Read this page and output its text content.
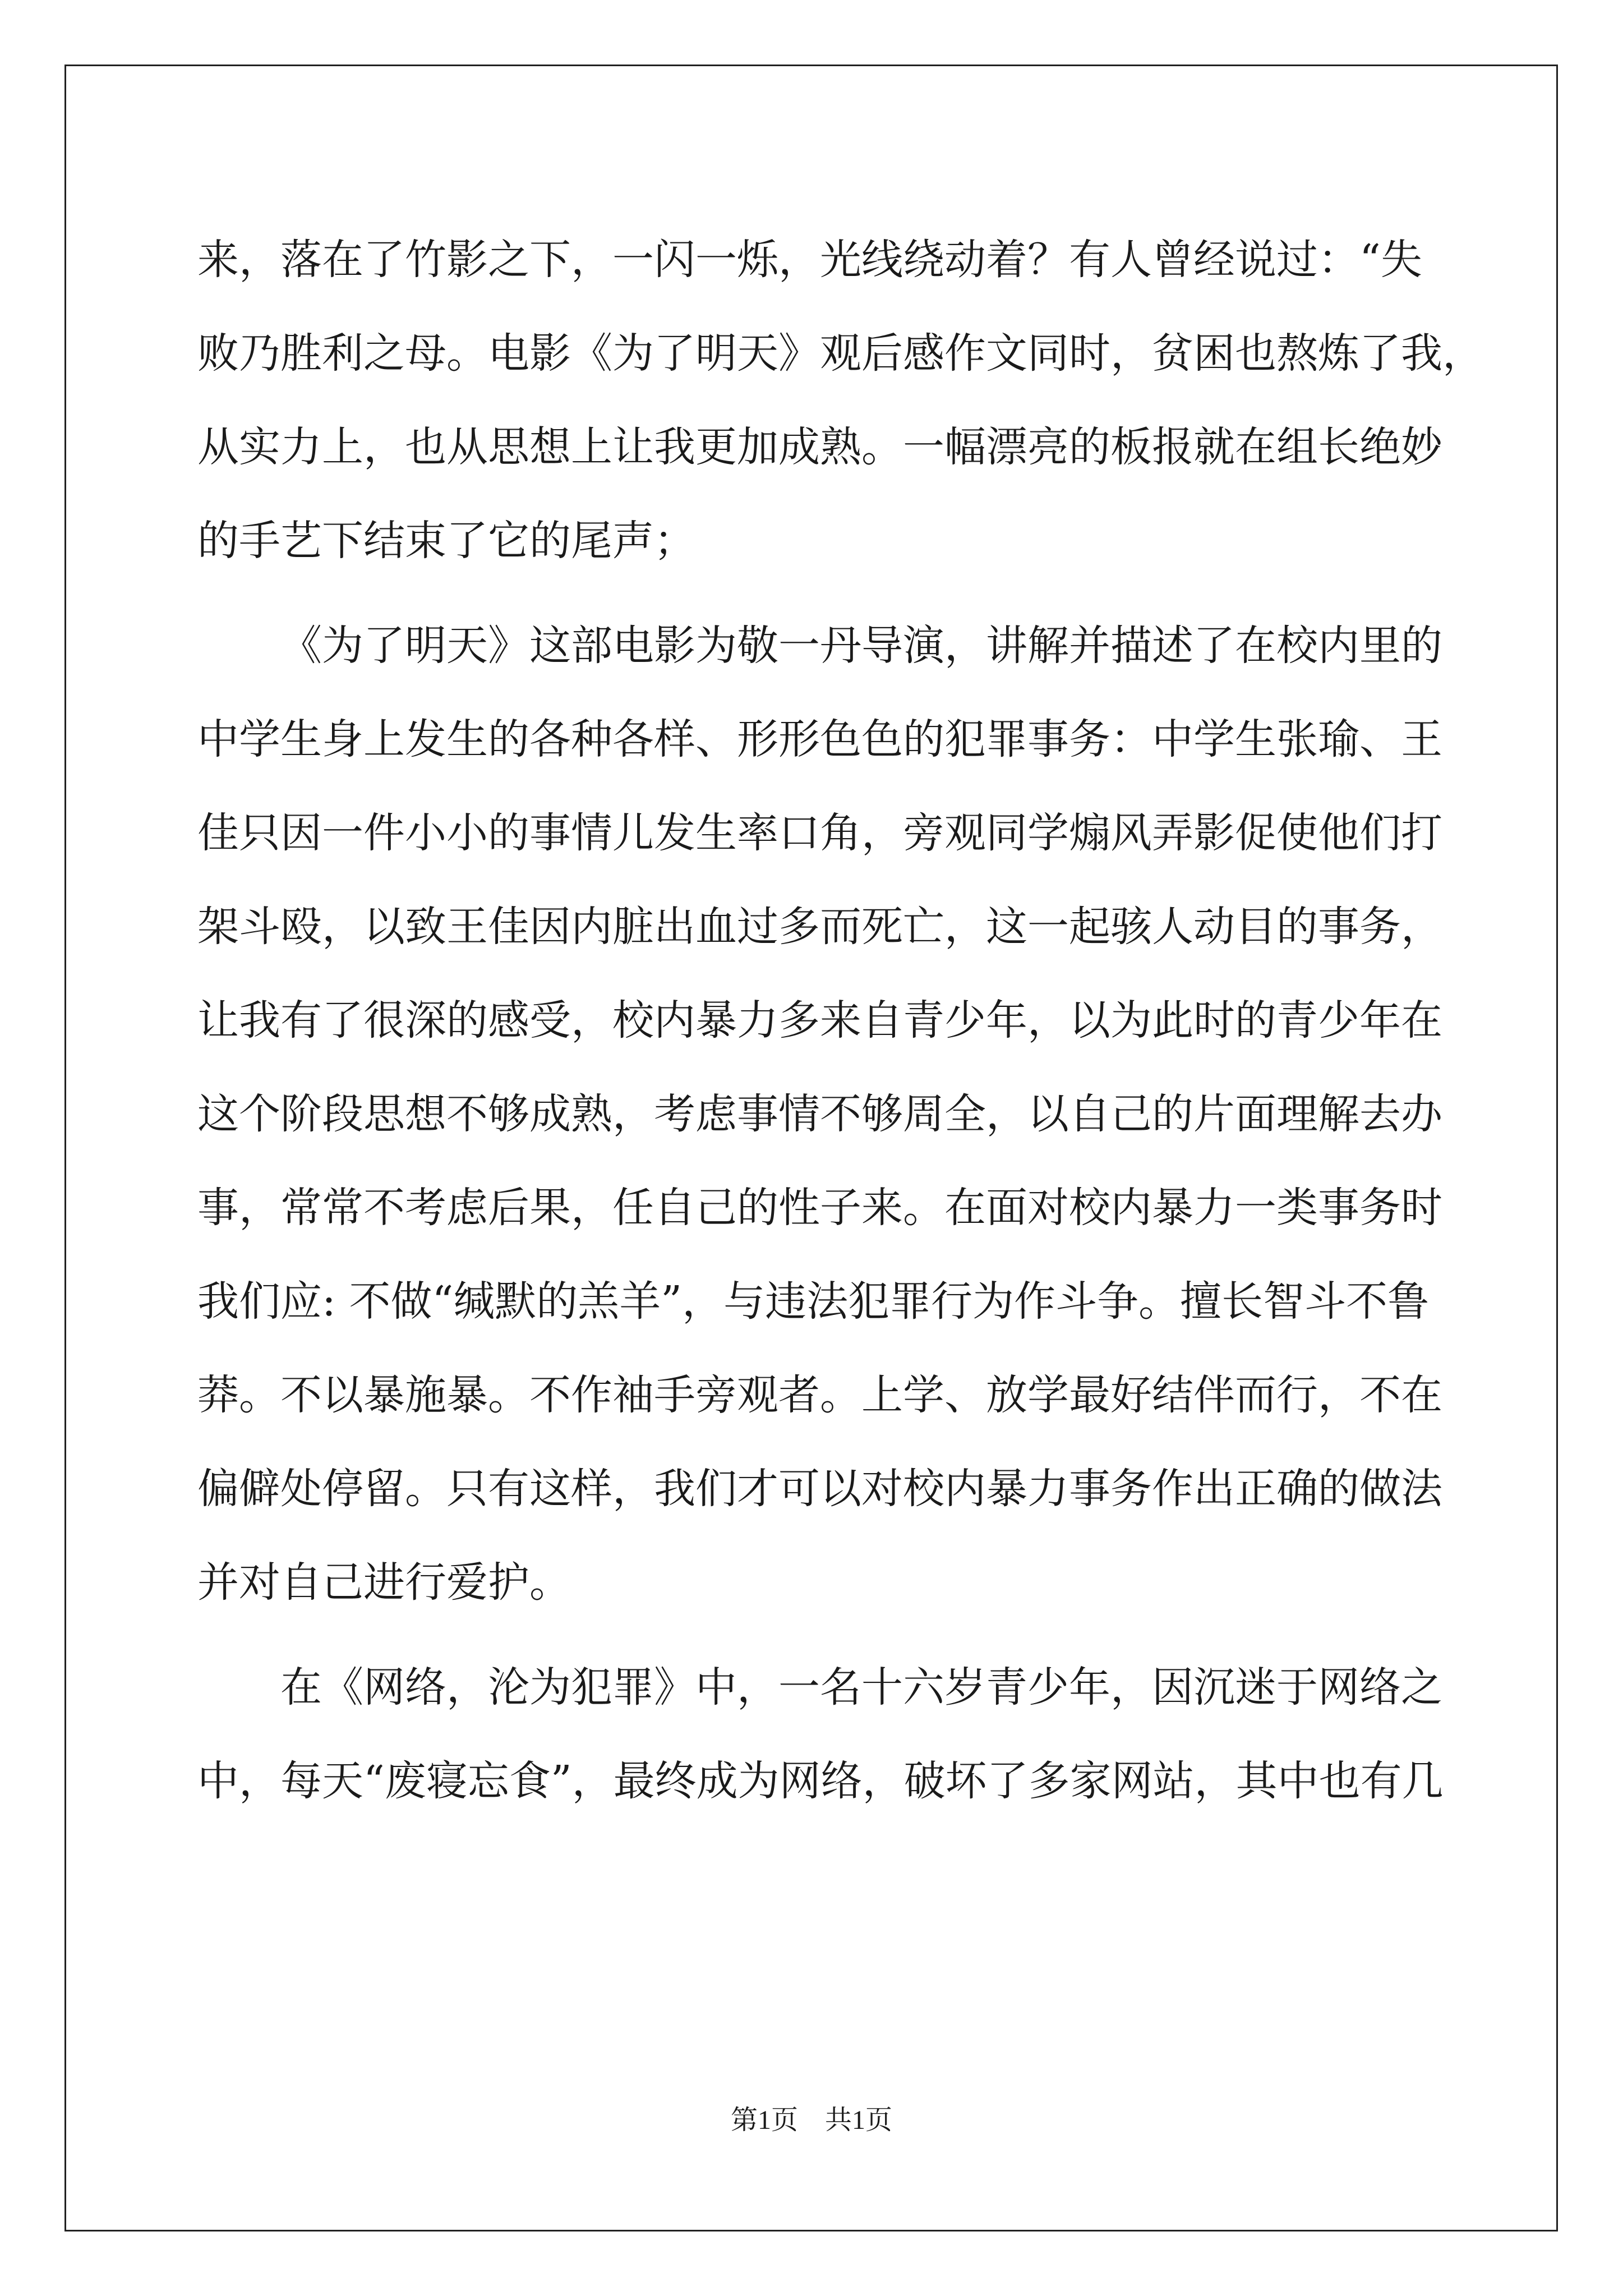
来，落在了竹影之下，一闪一烁，光线绕动着？有人曾经说过：“失
败乃胜利之母。电影《为了明天》观后感作文同时，贫困也熬炼了我，
从实力上，也从思想上让我更加成熟。一幅漂亮的板报就在组长绝妙
的手艺下结束了它的尾声；
《为了明天》这部电影为敬一丹导演，讲解并描述了在校内里的
中学生身上发生的各种各样、形形色色的犯罪事务：中学生张瑜、王
佳只因一件小小的事情儿发生率口角，旁观同学煽风弄影促使他们打
架斗殴，以致王佳因内脏出血过多而死亡，这一起骇人动目的事务，
让我有了很深的感受，校内暴力多来自青少年，以为此时的青少年在
这个阶段思想不够成熟，考虑事情不够周全，以自己的片面理解去办
事，常常不考虑后果，任自己的性子来。在面对校内暴力一类事务时
我们应: 不做“缄默的羔羊”，与违法犯罪行为作斗争。擅长智斗不鲁
莽。不以暴施暴。不作袖手旁观者。上学、放学最好结伴而行，不在
偏僻处停留。只有这样，我们才可以对校内暴力事务作出正确的做法
并对自己进行爱护。
在《网络，沦为犯罪》中，一名十六岁青少年，因沉迷于网络之
中，每天“废寝忘食”，最终成为网络，破坏了多家网站，其中也有几
第1页 共1页
